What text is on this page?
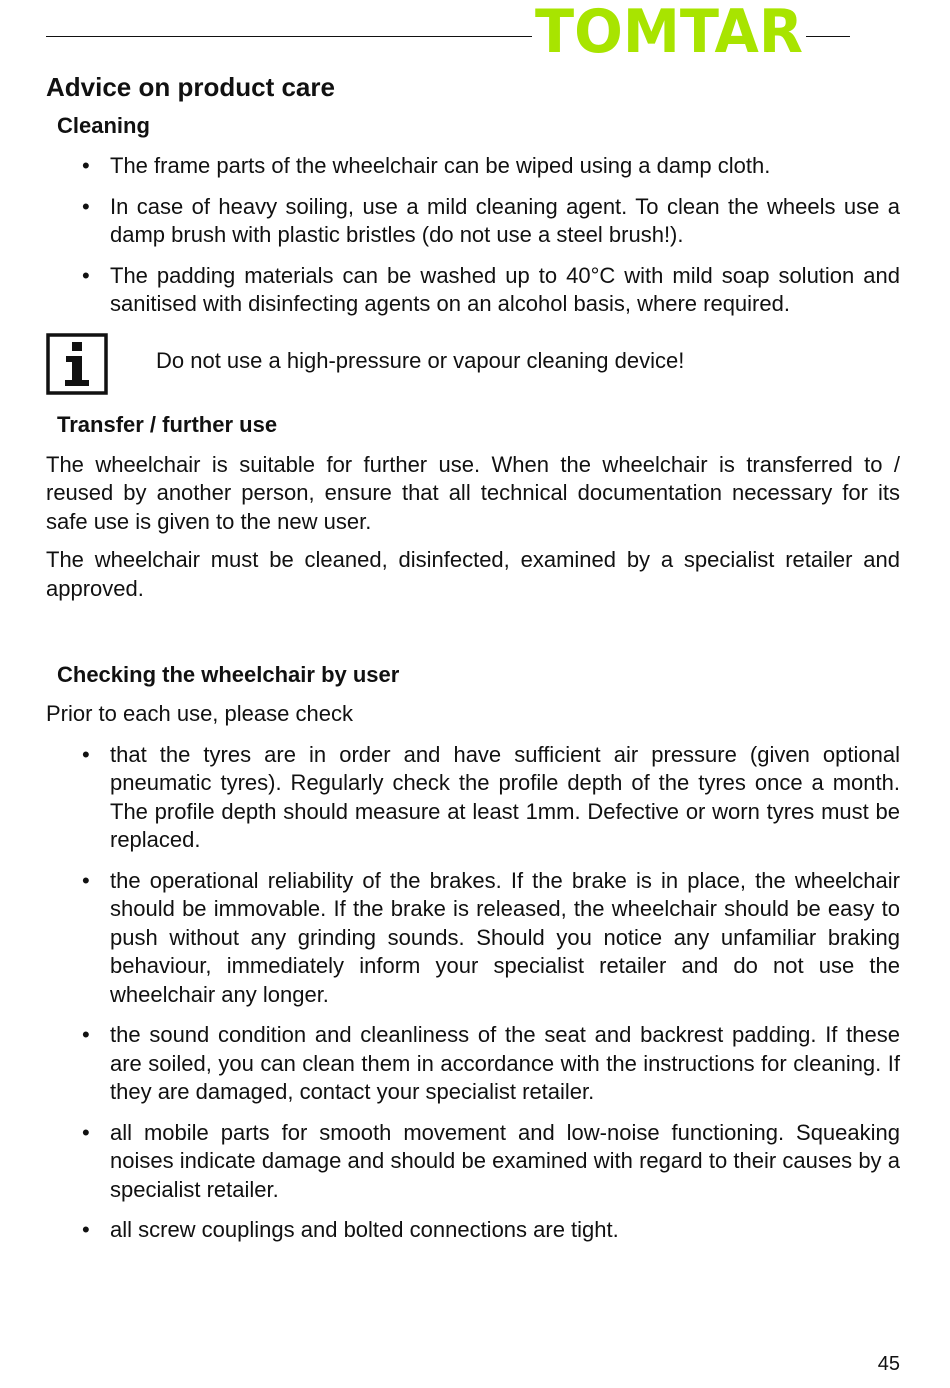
TOMTAR
Advice on product care
Cleaning
• The frame parts of the wheelchair can be wiped using a damp cloth.
• In case of heavy soiling, use a mild cleaning agent. To clean the wheels use a damp brush with plastic bristles (do not use a steel brush!).
• The padding materials can be washed up to 40°C with mild soap solution and sanitised with disinfecting agents on an alcohol basis, where required.
Do not use a high-pressure or vapour cleaning device!
Transfer / further use

The wheelchair is suitable for further use. When the wheelchair is transferred to / reused by another person, ensure that all technical documentation necessary for its safe use is given to the new user.

The wheelchair must be cleaned, disinfected, examined by a specialist retailer and approved.

Checking the wheelchair by user

Prior to each use, please check

• that the tyres are in order and have sufficient air pressure (given optional pneumatic tyres). Regularly check the profile depth of the tyres once a month. The profile depth should measure at least 1mm. Defective or worn tyres must be replaced.
• the operational reliability of the brakes. If the brake is in place, the wheelchair should be immovable. If the brake is released, the wheelchair should be easy to push without any grinding sounds. Should you notice any unfamiliar braking behaviour, immediately inform your specialist retailer and do not use the wheelchair any longer.
• the sound condition and cleanliness of the seat and backrest padding. If these are soiled, you can clean them in accordance with the instructions for cleaning. If they are damaged, contact your specialist retailer.
• all mobile parts for smooth movement and low-noise functioning. Squeaking noises indicate damage and should be examined with regard to their causes by a specialist retailer.
• all screw couplings and bolted connections are tight.
45
